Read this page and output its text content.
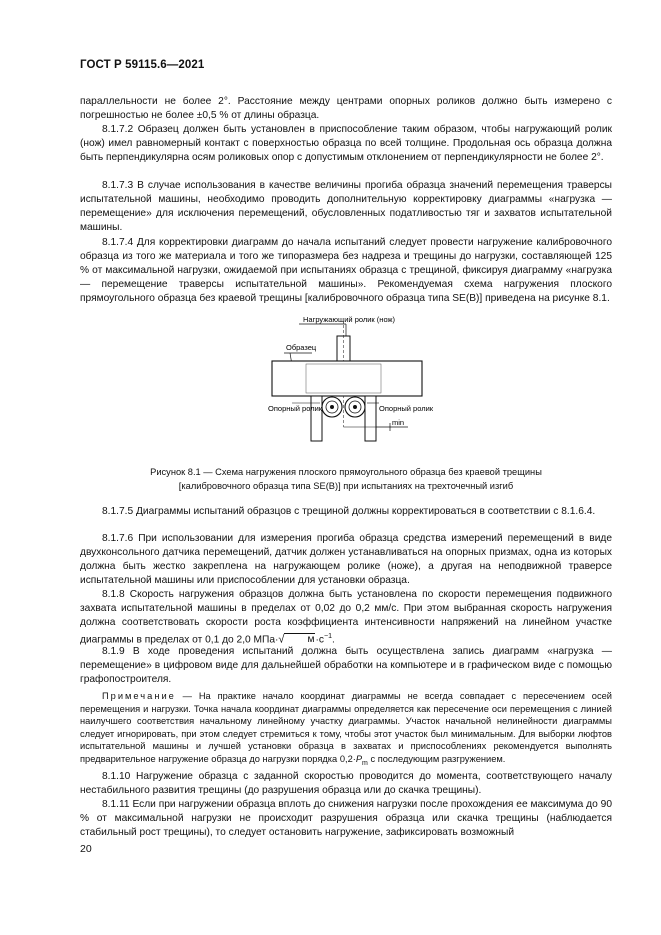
ГОСТ Р 59115.6—2021
параллельности не более 2°. Расстояние между центрами опорных роликов должно быть измерено с погрешностью не более ±0,5 % от длины образца.
8.1.7.2 Образец должен быть установлен в приспособление таким образом, чтобы нагружающий ролик (нож) имел равномерный контакт с поверхностью образца по всей толщине. Продольная ось образца должна быть перпендикулярна осям роликовых опор с допустимым отклонением от перпендикулярности не более 2°.
8.1.7.3 В случае использования в качестве величины прогиба образца значений перемещения траверсы испытательной машины, необходимо проводить дополнительную корректировку диаграммы «нагрузка — перемещение» для исключения перемещений, обусловленных податливостью тяг и захватов испытательной машины.
8.1.7.4 Для корректировки диаграмм до начала испытаний следует провести нагружение калибровочного образца из того же материала и того же типоразмера без надреза и трещины до нагрузки, составляющей 125 % от максимальной нагрузки, ожидаемой при испытаниях образца с трещиной, фиксируя диаграмму «нагрузка — перемещение траверсы испытательной машины». Рекомендуемая схема нагружения плоского прямоугольного образца без краевой трещины [калибровочного образца типа SE(B)] приведена на рисунке 8.1.
Нагружающий ролик (нож)
Образец
Опорный ролик	Опорный ролик
min
Рисунок 8.1 — Схема нагружения плоского прямоугольного образца без краевой трещины
[калибровочного образца типа SE(B)] при испытаниях на трехточечный изгиб
8.1.7.5 Диаграммы испытаний образцов с трещиной должны корректироваться в соответствии с 8.1.6.4.
8.1.7.6 При использовании для измерения прогиба образца средства измерений перемещений в виде двухконсольного датчика перемещений, датчик должен устанавливаться на опорных призмах, одна из которых должна быть жестко закреплена на нагружающем ролике (ноже), а другая на неподвижной траверсе испытательной машины или приспособлении для установки образца.
8.1.8 Скорость нагружения образцов должна быть установлена по скорости перемещения подвижного захвата испытательной машины в пределах от 0,02 до 0,2 мм/с. При этом выбранная скорость нагружения должна соответствовать скорости роста коэффициента интенсивности напряжений на линейном участке диаграммы в пределах от 0,1 до 2,0 МПа·√ $м\cdot с^{-1}$.
8.1.9 В ходе проведения испытаний должна быть осуществлена запись диаграмм «нагрузка — перемещение» в цифровом виде для дальнейшей обработки на компьютере и в графическом виде с помощью графопостроителя.
Примечание — На практике начало координат диаграммы не всегда совпадает с пересечением осей перемещения и нагрузки. Точка начала координат диаграммы определяется как пересечение оси перемещения с линией наилучшего соответствия начальному линейному участку диаграммы. Участок начальной нелинейности диаграммы следует игнорировать, при этом следует стремиться к тому, чтобы этот участок был минимальным. Для выборки люфтов испытательной машины и лучшей установки образца в захватах и приспособлениях рекомендуется выполнять предварительное нагружение образца до нагрузки порядка $0,2\cdot P_m$ с последующим разгружением.
8.1.10 Нагружение образца с заданной скоростью проводится до момента, соответствующего началу нестабильного развития трещины (до разрушения образца или до скачка трещины).
8.1.11 Если при нагружении образца вплоть до снижения нагрузки после прохождения ее максимума до 90 % от максимальной нагрузки не происходит разрушения образца или скачка трещины (наблюдается стабильный рост трещины), то следует остановить нагружение, зафиксировать возможный
20
